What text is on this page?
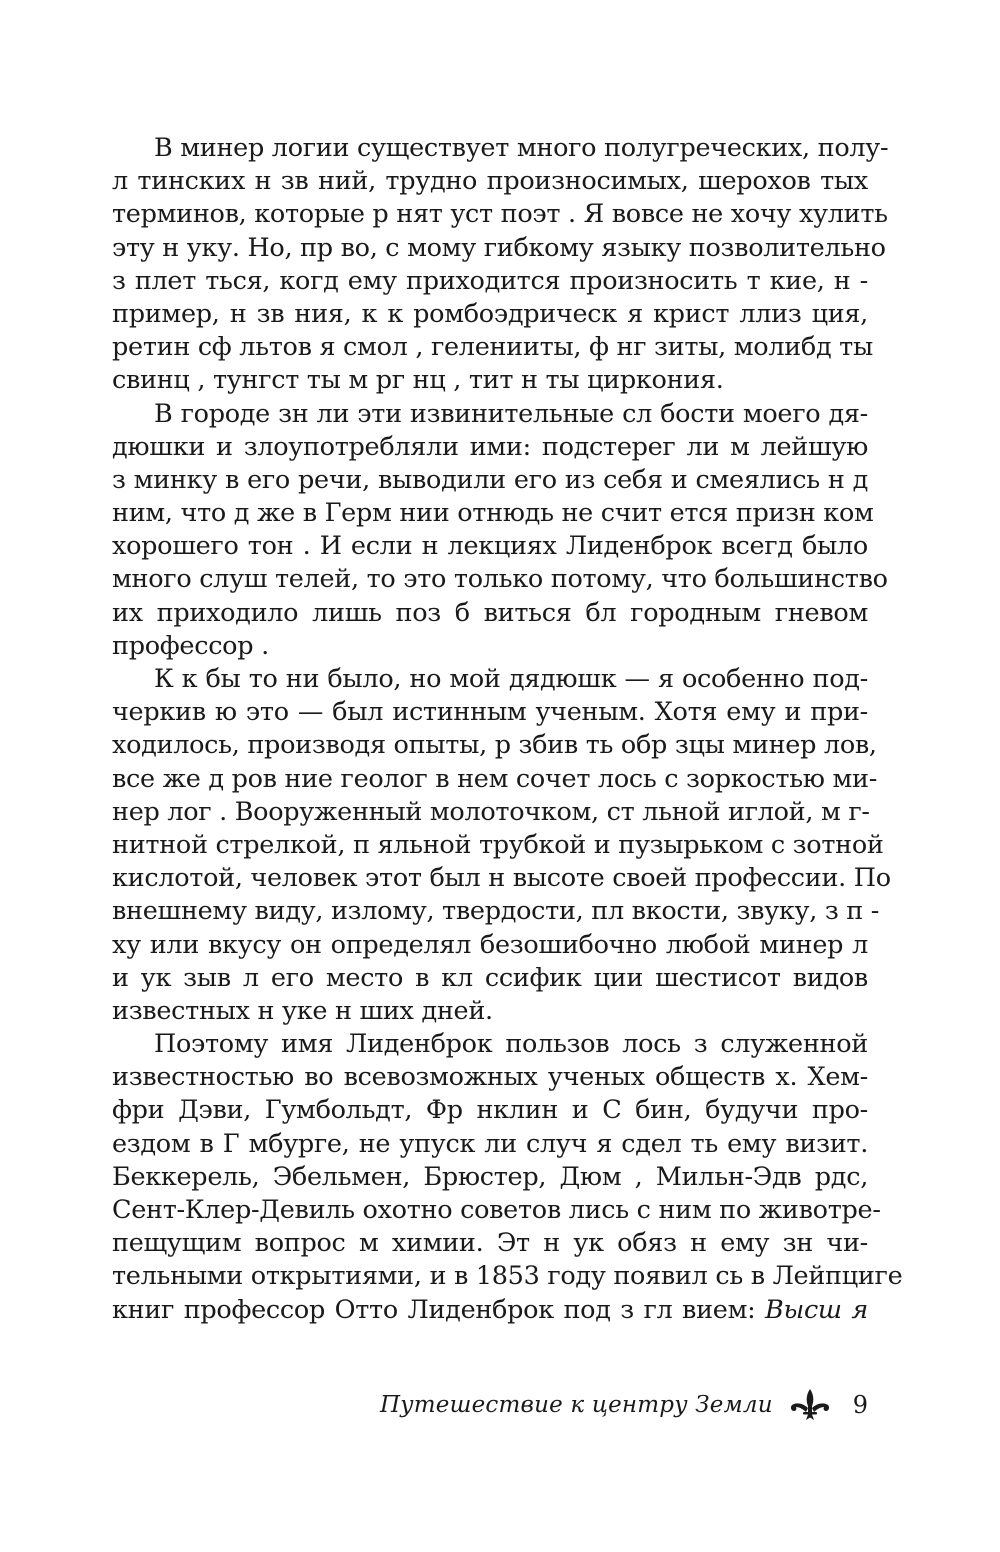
В минер логии существует много полугреческих, полу-
л тинских н зв ний, трудно произносимых, шерохов тых
терминов, которые р нят уст поэт . Я вовсе не хочу хулить
эту н уку. Но, пр во, с мому гибкому языку позволительно
з плет ться, когд ему приходится произносить т кие, н -
пример, н зв ния, к к ромбоэдрическ я крист ллиз ция,
ретин сф льтов я смол , геленииты, ф нг зиты, молибд ты
свинц , тунгст ты м рг нц , тит н ты циркония.
В городе зн ли эти извинительные сл бости моего дя-
дюшки и злоупотребляли ими: подстерег ли м лейшую
з минку в его речи, выводили его из себя и смеялись н д
ним, что д же в Герм нии отнюдь не счит ется призн ком
хорошего тон . И если н лекциях Лиденброк всегд было
много слуш телей, то это только потому, что большинство
их приходило лишь поз б виться бл городным гневом
профессор .
К к бы то ни было, но мой дядюшк — я особенно под-
черкив ю это — был истинным ученым. Хотя ему и при-
ходилось, производя опыты, р збив ть обр зцы минер лов,
все же д ров ние геолог в нем сочет лось с зоркостью ми-
нер лог . Вооруженный молоточком, ст льной иглой, м г-
нитной стрелкой, п яльной трубкой и пузырьком с зотной
кислотой, человек этот был н высоте своей профессии. По
внешнему виду, излому, твердости, пл вкости, звуку, з п -
ху или вкусу он определял безошибочно любой минер л
и ук зыв л его место в кл ссифик ции шестисот видов
известных н уке н ших дней.
Поэтому имя Лиденброк пользов лось з служенной
известностью во всевозможных ученых обществ х. Хем-
фри Дэви, Гумбольдт, Фр нклин и С бин, будучи про-
ездом в Г мбурге, не упуск ли случ я сдел ть ему визит.
Беккерель, Эбельмен, Брюстер, Дюм , Мильн-Эдв рдс,
Сент-Клер-Девиль охотно советов лись с ним по животре-
пещущим вопрос м химии. Эт н ук обяз н ему зн чи-
тельными открытиями, и в 1853 году появил сь в Лейпциге
книг профессор Отто Лиденброк под з гл вием: Высш я
Путешествие к центру Земли	9
